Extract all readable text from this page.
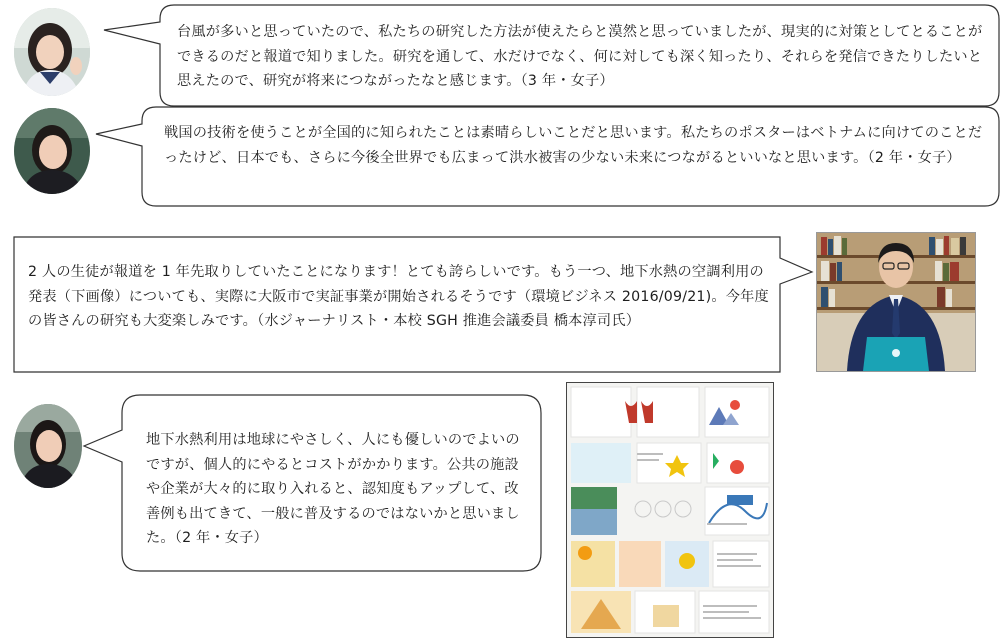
台風が多いと思っていたので、私たちの研究した方法が使えたらと漠然と思っていましたが、現実的に対策としてとることができるのだと報道で知りました。研究を通して、水だけでなく、何に対しても深く知ったり、それらを発信できたりしたいと思えたので、研究が将来につながったなと感じます。（3 年・女子）
戦国の技術を使うことが全国的に知られたことは素晴らしいことだと思います。私たちのポスターはベトナムに向けてのことだったけど、日本でも、さらに今後全世界でも広まって洪水被害の少ない未来につながるといいなと思います。（2 年・女子）
2 人の生徒が報道を 1 年先取りしていたことになります！とても誇らしいです。もう一つ、地下水熱の空調利用の発表（下画像）についても、実際に大阪市で実証事業が開始されるそうです（環境ビジネス 2016/09/21)。今年度の皆さんの研究も大変楽しみです。（水ジャーナリスト・本校 SGH 推進会議委員 橋本淳司氏）
地下水熱利用は地球にやさしく、人にも優しいのでよいのですが、個人的にやるとコストがかかります。公共の施設や企業が大々的に取り入れると、認知度もアップして、改善例も出てきて、一般に普及するのではないかと思いました。（2 年・女子）
